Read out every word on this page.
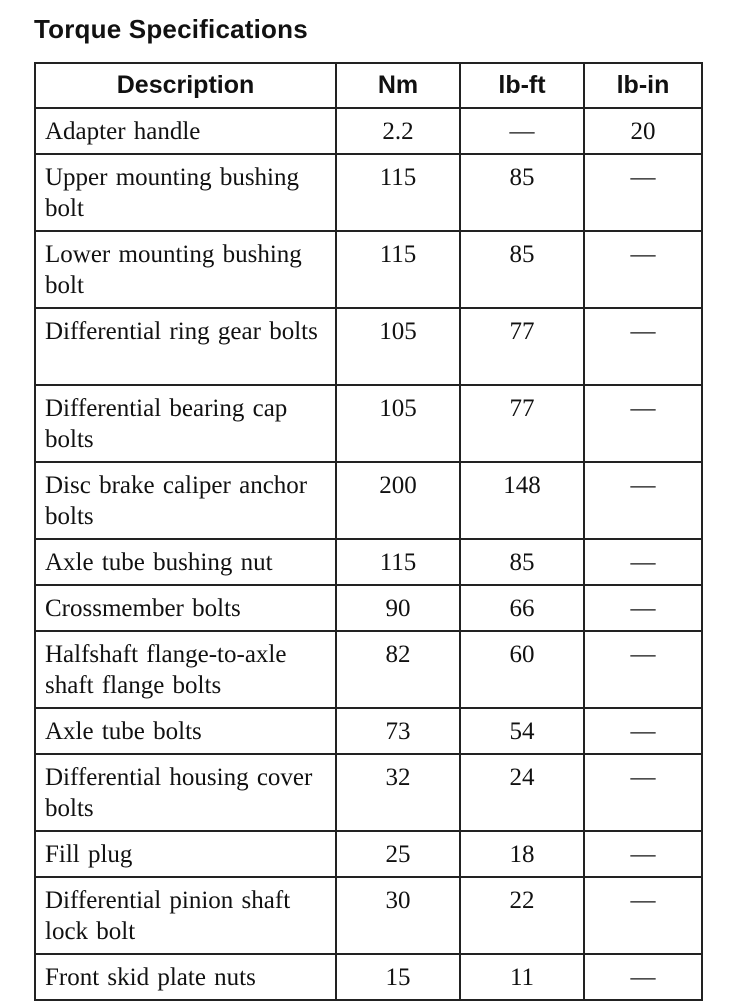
Torque Specifications
Description	Nm	lb-ft	lb-in
Adapter handle	2.2	—	20
Upper mounting bushing bolt	115	85	—
Lower mounting bushing bolt	115	85	—
Differential ring gear bolts	105	77	—
Differential bearing cap bolts	105	77	—
Disc brake caliper anchor bolts	200	148	—
Axle tube bushing nut	115	85	—
Crossmember bolts	90	66	—
Halfshaft flange-to-axle shaft flange bolts	82	60	—
Axle tube bolts	73	54	—
Differential housing cover bolts	32	24	—
Fill plug	25	18	—
Differential pinion shaft lock bolt	30	22	—
Front skid plate nuts	15	11	—
